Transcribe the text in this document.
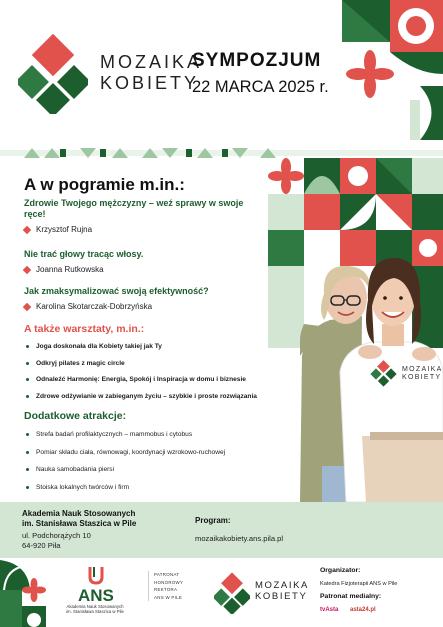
MOZAIKA
KOBIETY
SYMPOZJUM
22 MARCA 2025 r.
MOZAIKA
KOBIETY
A w pogramie m.in.:
Zdrowie Twojego mężczyzny – weź sprawy w swoje ręce!
Krzysztof Rujna
Nie trać głowy tracąc włosy.
Joanna Rutkowska
Jak zmaksymalizować swoją efektywność?
Karolina Skotarczak-Dobrzyńska
A także warsztaty, m.in.:
Joga doskonała dla Kobiety takiej jak Ty
Odkryj pilates z magic circle
Odnaleźć Harmonię: Energia, Spokój i Inspiracja w domu i biznesie
Zdrowe odżywianie w zabieganym życiu – szybkie i proste rozwiązania
Dodatkowe atrakcje:
Strefa badań profilaktycznych – mammobus i cytobus
Pomiar składu ciała, równowagi, koordynacji wzrokowo-ruchowej
Nauka samobadania piersi
Stoiska lokalnych twórców i firm
Akademia Nauk Stosowanych
im. Stanisława Staszica w Pile
ul. Podchorążych 10
64-920 Piła
Program:
mozaikakobiety.ans.pila.pl
ANS
Akademia Nauk Stosowanych
im. Stanisława Staszica w Pile
PATRONAT
HONOROWY
REKTORA
ANS W PILE
MOZAIKA
KOBIETY
Organizator:
Katedra Fizjoterapii ANS w Pile
Patronat medialny:
tvAsta asta24.pl
